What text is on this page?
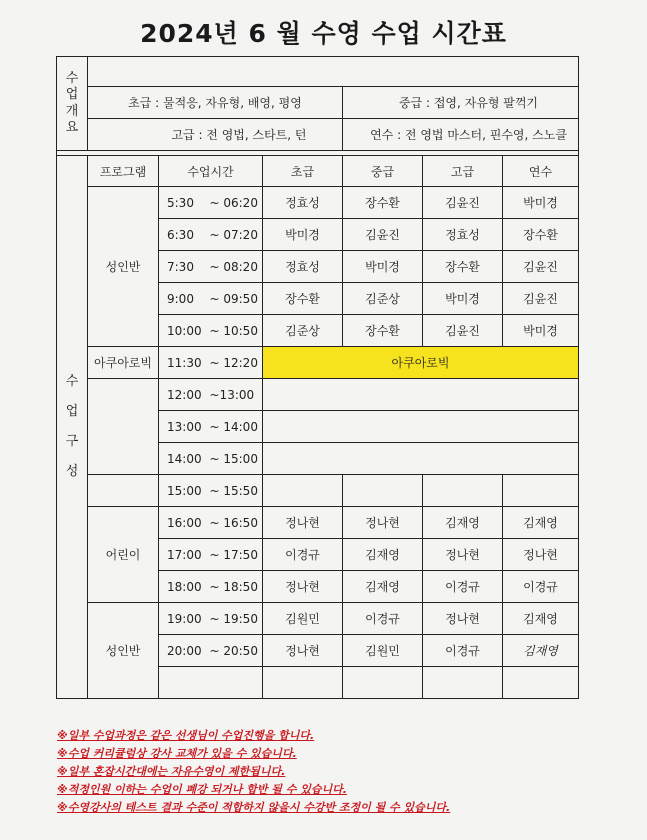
2024년 6 월 수영 수업 시간표
수
업
개
요							
	초급 : 물적응, 자유형, 배영, 평영				중급 : 접영, 자유형 팔꺽기		
	고급 : 전 영법, 스타트, 턴				연수 : 전 영법 마스터, 핀수영, 스노클		

수
업
구
성	프로그램	수업시간		초급	중급	고급	연수
	성인반	5:30	~ 06:20	정효성	장수환	김윤진	박미경
		6:30	~ 07:20	박미경	김윤진	정효성	장수환
		7:30	~ 08:20	정효성	박미경	장수환	김윤진
		9:00	~ 09:50	장수환	김준상	박미경	김윤진
		10:00	~ 10:50	김준상	장수환	김윤진	박미경
	아쿠아로빅	11:30	~ 12:20	아쿠아로빅			
		12:00	~13:00				
		13:00	~ 14:00				
		14:00	~ 15:00				
		15:00	~ 15:50				
	어린이	16:00	~ 16:50	정나현	정나현	김재영	김재영
		17:00	~ 17:50	이경규	김재영	정나현	정나현
		18:00	~ 18:50	정나현	김재영	이경규	이경규
	성인반	19:00	~ 19:50	김원민	이경규	정나현	김재영
		20:00	~ 20:50	정나현	김원민	이경규	김재영

※일부 수업과정은 같은 선생님이 수업진행을 합니다.
※수업 커리큘럼상 강사 교체가 있을 수 있습니다.
※일부 혼잡시간대에는 자유수영이 제한됩니다.
※적정인원 이하는 수업이 폐강 되거나 합반 될 수 있습니다.
※수영강사의 테스트 결과 수준이 적합하지 않을시 수강반 조정이 될 수 있습니다.
